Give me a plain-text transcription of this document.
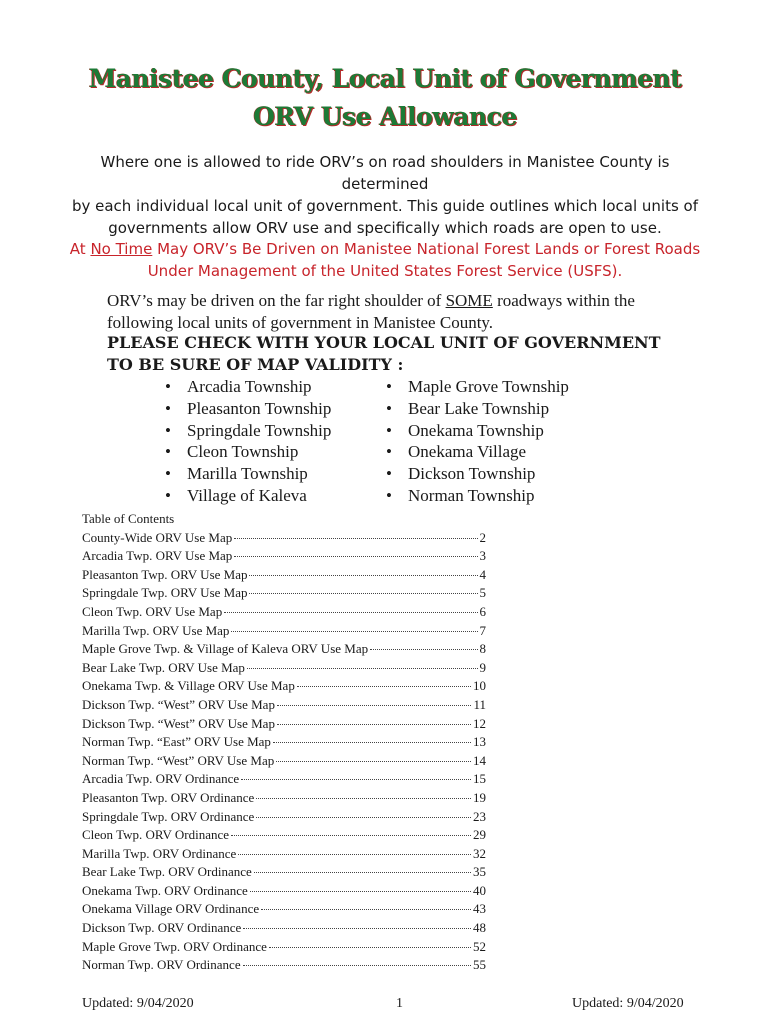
Manistee County, Local Unit of Government
ORV Use Allowance
Where one is allowed to ride ORV’s on road shoulders in Manistee County is determined
by each individual local unit of government. This guide outlines which local units of
governments allow ORV use and specifically which roads are open to use.
At No Time May ORV’s Be Driven on Manistee National Forest Lands or Forest Roads
Under Management of the United States Forest Service (USFS).
ORV’s may be driven on the far right shoulder of SOME roadways within the
following local units of government in Manistee County.
PLEASE CHECK WITH YOUR LOCAL UNIT OF GOVERNMENT
TO BE SURE OF MAP VALIDITY :
• Arcadia Township
• Pleasanton Township
• Springdale Township
• Cleon Township
• Marilla Township
• Village of Kaleva
• Maple Grove Township
• Bear Lake Township
• Onekama Township
• Onekama Village
• Dickson Township
• Norman Township
Table of Contents
County-Wide ORV Use Map	2
Arcadia Twp. ORV Use Map	3
Pleasanton Twp. ORV Use Map	4
Springdale Twp. ORV Use Map	5
Cleon Twp. ORV Use Map	6
Marilla Twp. ORV Use Map	7
Maple Grove Twp. & Village of Kaleva ORV Use Map	8
Bear Lake Twp. ORV Use Map	9
Onekama Twp. & Village ORV Use Map	10
Dickson Twp. “West” ORV Use Map	11
Dickson Twp. “West” ORV Use Map	12
Norman Twp. “East” ORV Use Map	13
Norman Twp. “West” ORV Use Map	14
Arcadia Twp. ORV Ordinance	15
Pleasanton Twp. ORV Ordinance	19
Springdale Twp. ORV Ordinance	23
Cleon Twp. ORV Ordinance	29
Marilla Twp. ORV Ordinance	32
Bear Lake Twp. ORV Ordinance	35
Onekama Twp. ORV Ordinance	40
Onekama Village ORV Ordinance	43
Dickson Twp. ORV Ordinance	48
Maple Grove Twp. ORV Ordinance	52
Norman Twp. ORV Ordinance	55
Updated: 9/04/2020	1	Updated: 9/04/2020
